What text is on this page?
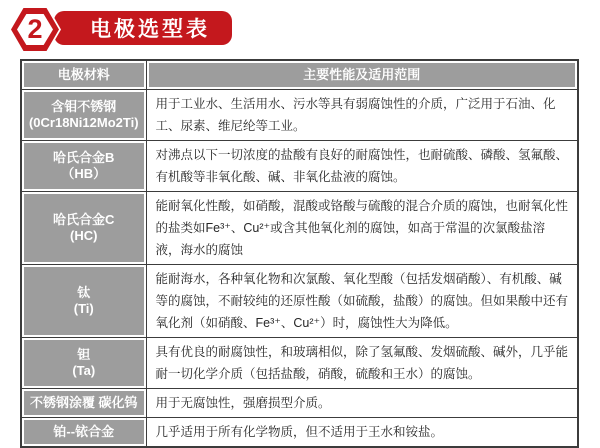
电极选型表
2
电极材料	主要性能及适用范围

含钼不锈钢
(0Cr18Ni12Mo2Ti)	用于工业水、生活用水、污水等具有弱腐蚀性的介质，广泛用于石油、化工、尿素、维尼纶等工业。

哈氏合金B
（HB）	对沸点以下一切浓度的盐酸有良好的耐腐蚀性，也耐硫酸、磷酸、氢氟酸、有机酸等非氧化酸、碱、非氧化盐液的腐蚀。

哈氏合金C
(HC)	能耐氧化性酸，如硝酸，混酸或铬酸与硫酸的混合介质的腐蚀，也耐氧化性的盐类如Fe³⁺、Cu²⁺或含其他氧化剂的腐蚀，如高于常温的次氯酸盐溶液，海水的腐蚀

钛
(Ti)	能耐海水，各种氧化物和次氯酸、氧化型酸（包括发烟硝酸）、有机酸、碱等的腐蚀，不耐较纯的还原性酸（如硫酸，盐酸）的腐蚀。但如果酸中还有氧化剂（如硝酸、Fe³⁺、Cu²⁺）时，腐蚀性大为降低。

钽
(Ta)	具有优良的耐腐蚀性，和玻璃相似，除了氢氟酸、发烟硫酸、碱外，几乎能耐一切化学介质（包括盐酸，硝酸，硫酸和王水）的腐蚀。

不锈钢涂覆 碳化钨	用于无腐蚀性，强磨损型介质。

铂--铱合金	几乎适用于所有化学物质，但不适用于王水和铵盐。
